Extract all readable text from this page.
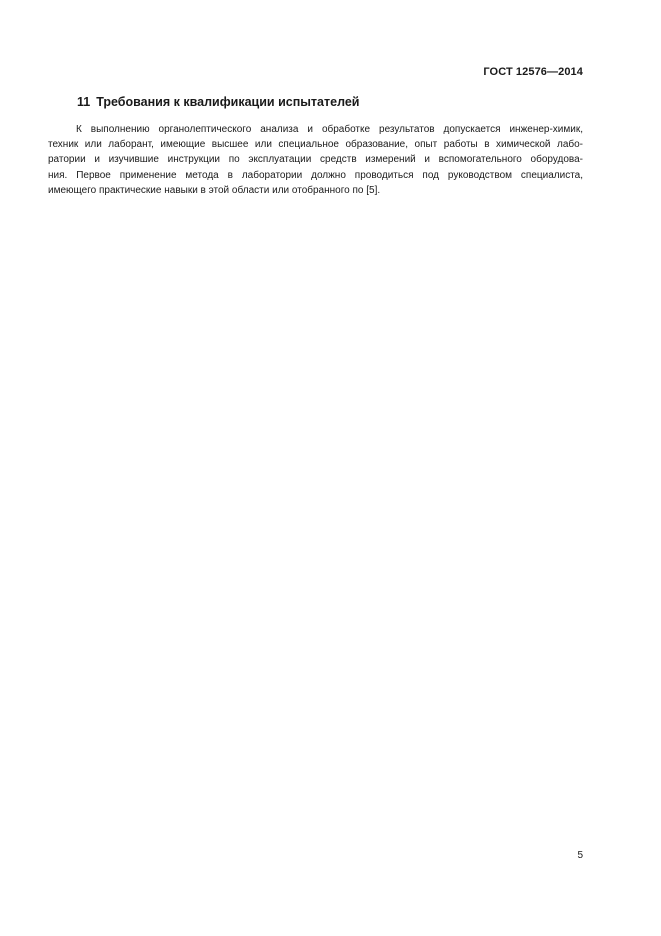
ГОСТ 12576—2014
11 Требования к квалификации испытателей
К выполнению органолептического анализа и обработке результатов допускается инженер-химик,
техник или лаборант, имеющие высшее или специальное образование, опыт работы в химической лабо-
ратории и изучившие инструкции по эксплуатации средств измерений и вспомогательного оборудова-
ния. Первое применение метода в лаборатории должно проводиться под руководством специалиста,
имеющего практические навыки в этой области или отобранного по [5].
5
